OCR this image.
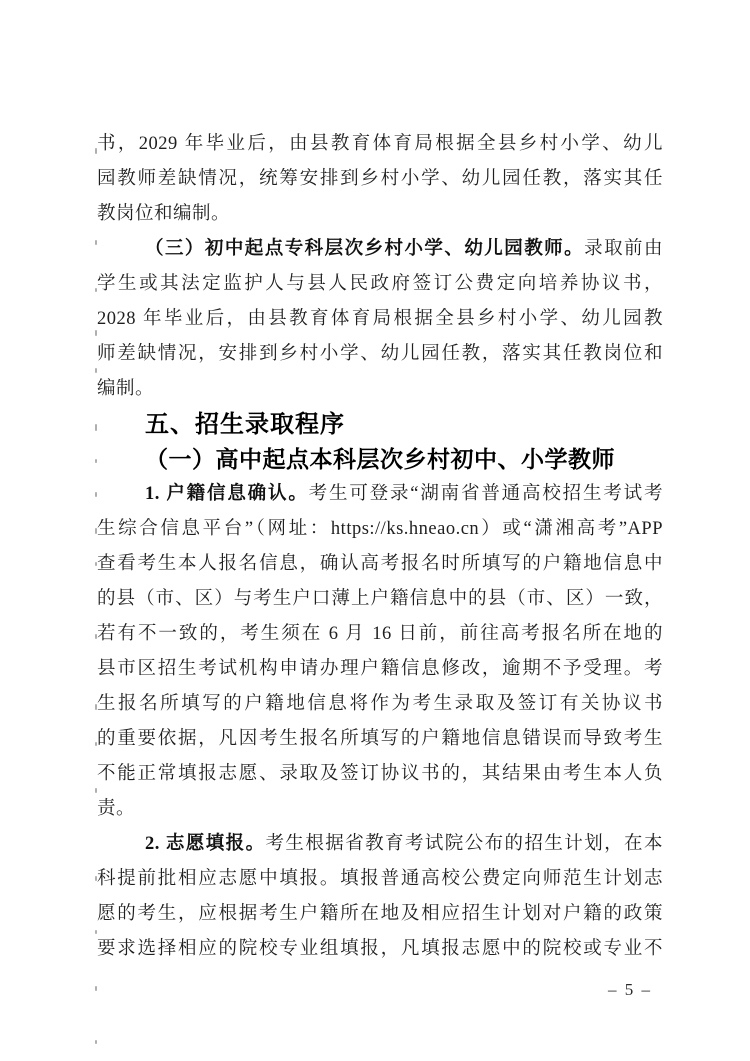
书，2029 年毕业后，由县教育体育局根据全县乡村小学、幼儿
园教师差缺情况，统筹安排到乡村小学、幼儿园任教，落实其任
教岗位和编制。
（三）初中起点专科层次乡村小学、幼儿园教师。录取前由
学生或其法定监护人与县人民政府签订公费定向培养协议书，
2028 年毕业后，由县教育体育局根据全县乡村小学、幼儿园教
师差缺情况，安排到乡村小学、幼儿园任教，落实其任教岗位和
编制。
五、招生录取程序
（一）高中起点本科层次乡村初中、小学教师
1. 户籍信息确认。考生可登录“湖南省普通高校招生考试考
生综合信息平台”（网址：https://ks.hneao.cn）或“潇湘高考”APP
查看考生本人报名信息，确认高考报名时所填写的户籍地信息中
的县（市、区）与考生户口薄上户籍信息中的县（市、区）一致，
若有不一致的，考生须在 6 月 16 日前，前往高考报名所在地的
县市区招生考试机构申请办理户籍信息修改，逾期不予受理。考
生报名所填写的户籍地信息将作为考生录取及签订有关协议书
的重要依据，凡因考生报名所填写的户籍地信息错误而导致考生
不能正常填报志愿、录取及签订协议书的，其结果由考生本人负
责。
2. 志愿填报。考生根据省教育考试院公布的招生计划，在本
科提前批相应志愿中填报。填报普通高校公费定向师范生计划志
愿的考生，应根据考生户籍所在地及相应招生计划对户籍的政策
要求选择相应的院校专业组填报，凡填报志愿中的院校或专业不
– 5 –
